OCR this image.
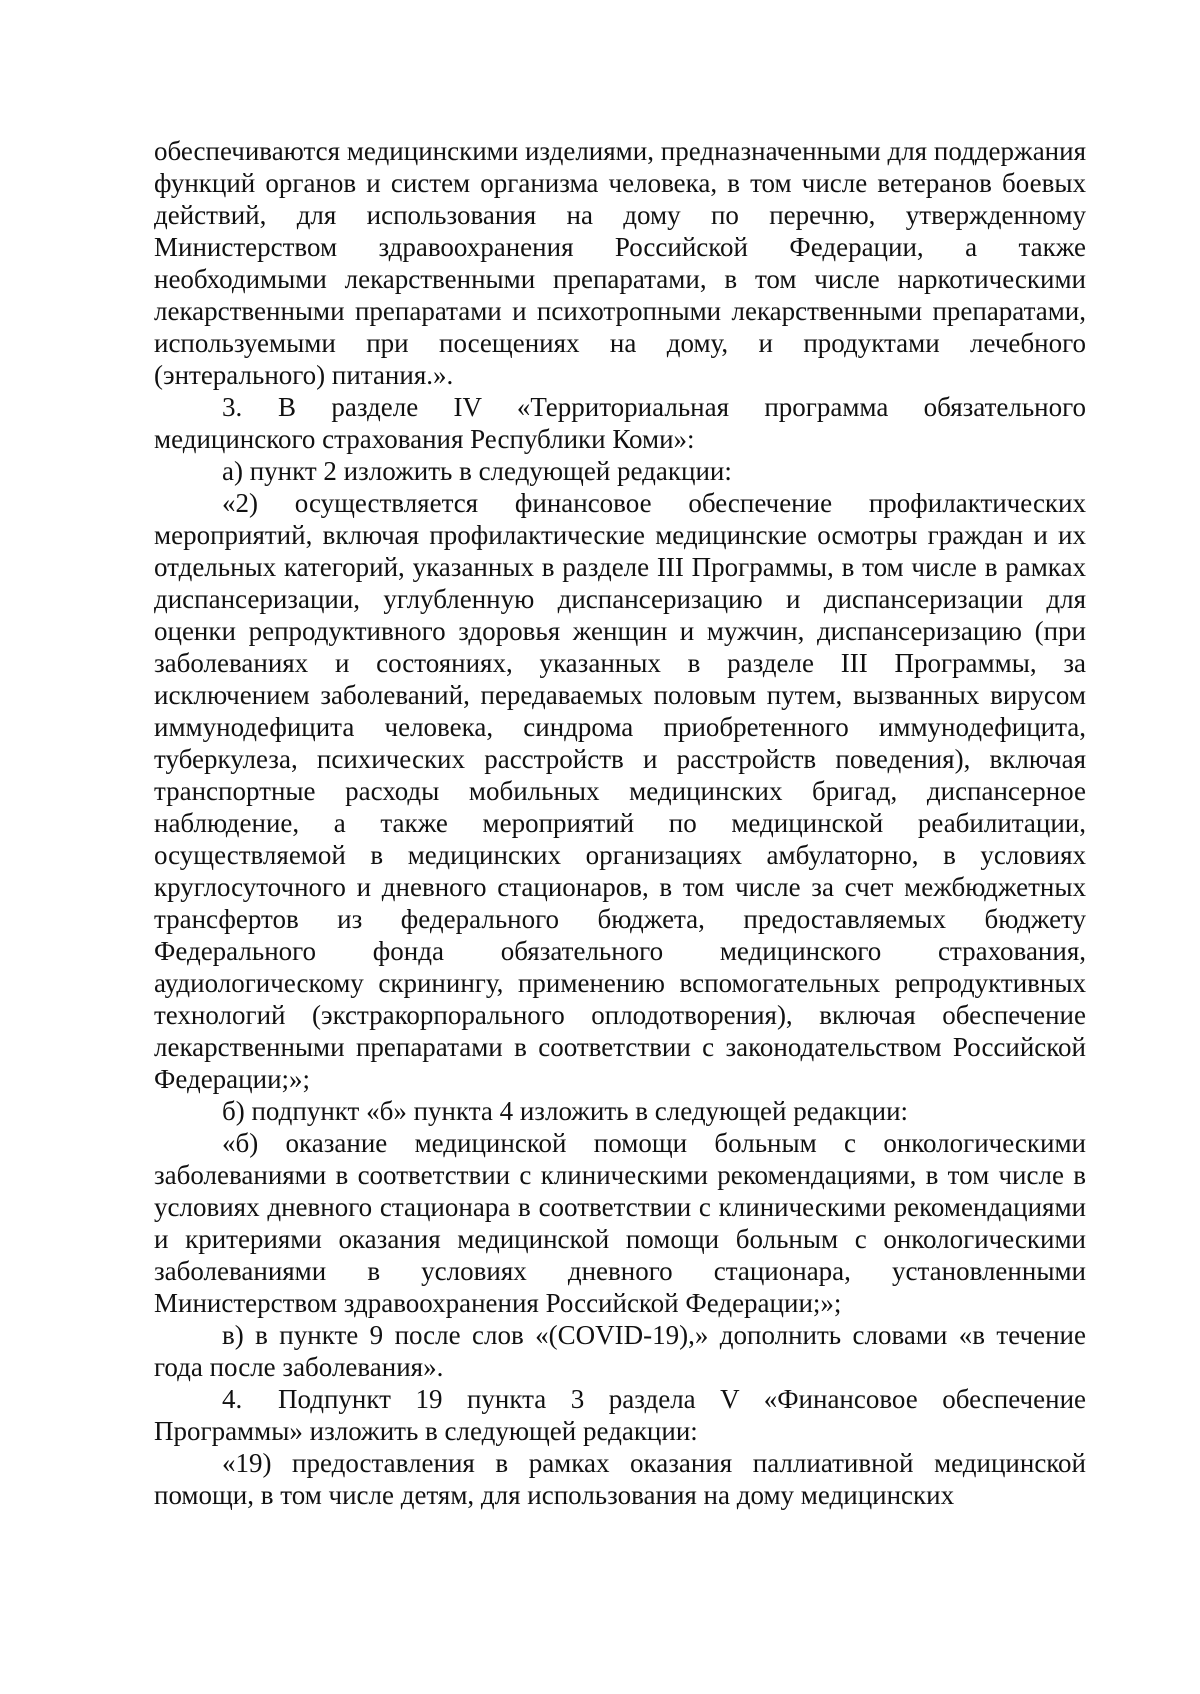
обеспечиваются медицинскими изделиями, предназначенными для поддержания функций органов и систем организма человека, в том числе ветеранов боевых действий, для использования на дому по перечню, утвержденному Министерством здравоохранения Российской Федерации, а также необходимыми лекарственными препаратами, в том числе наркотическими лекарственными препаратами и психотропными лекарственными препаратами, используемыми при посещениях на дому, и продуктами лечебного (энтерального) питания.».

3. В разделе IV «Территориальная программа обязательного медицинского страхования Республики Коми»:

а) пункт 2 изложить в следующей редакции:

«2) осуществляется финансовое обеспечение профилактических мероприятий, включая профилактические медицинские осмотры граждан и их отдельных категорий, указанных в разделе III Программы, в том числе в рамках диспансеризации, углубленную диспансеризацию и диспансеризации для оценки репродуктивного здоровья женщин и мужчин, диспансеризацию (при заболеваниях и состояниях, указанных в разделе III Программы, за исключением заболеваний, передаваемых половым путем, вызванных вирусом иммунодефицита человека, синдрома приобретенного иммунодефицита, туберкулеза, психических расстройств и расстройств поведения), включая транспортные расходы мобильных медицинских бригад, диспансерное наблюдение, а также мероприятий по медицинской реабилитации, осуществляемой в медицинских организациях амбулаторно, в условиях круглосуточного и дневного стационаров, в том числе за счет межбюджетных трансфертов из федерального бюджета, предоставляемых бюджету Федерального фонда обязательного медицинского страхования, аудиологическому скринингу, применению вспомогательных репродуктивных технологий (экстракорпорального оплодотворения), включая обеспечение лекарственными препаратами в соответствии с законодательством Российской Федерации;»;

б) подпункт «б» пункта 4 изложить в следующей редакции:

«б) оказание медицинской помощи больным с онкологическими заболеваниями в соответствии с клиническими рекомендациями, в том числе в условиях дневного стационара в соответствии с клиническими рекомендациями и критериями оказания медицинской помощи больным с онкологическими заболеваниями в условиях дневного стационара, установленными Министерством здравоохранения Российской Федерации;»;

в) в пункте 9 после слов «(COVID-19),» дополнить словами «в течение года после заболевания».

4. Подпункт 19 пункта 3 раздела V «Финансовое обеспечение Программы» изложить в следующей редакции:

«19) предоставления в рамках оказания паллиативной медицинской помощи, в том числе детям, для использования на дому медицинских
